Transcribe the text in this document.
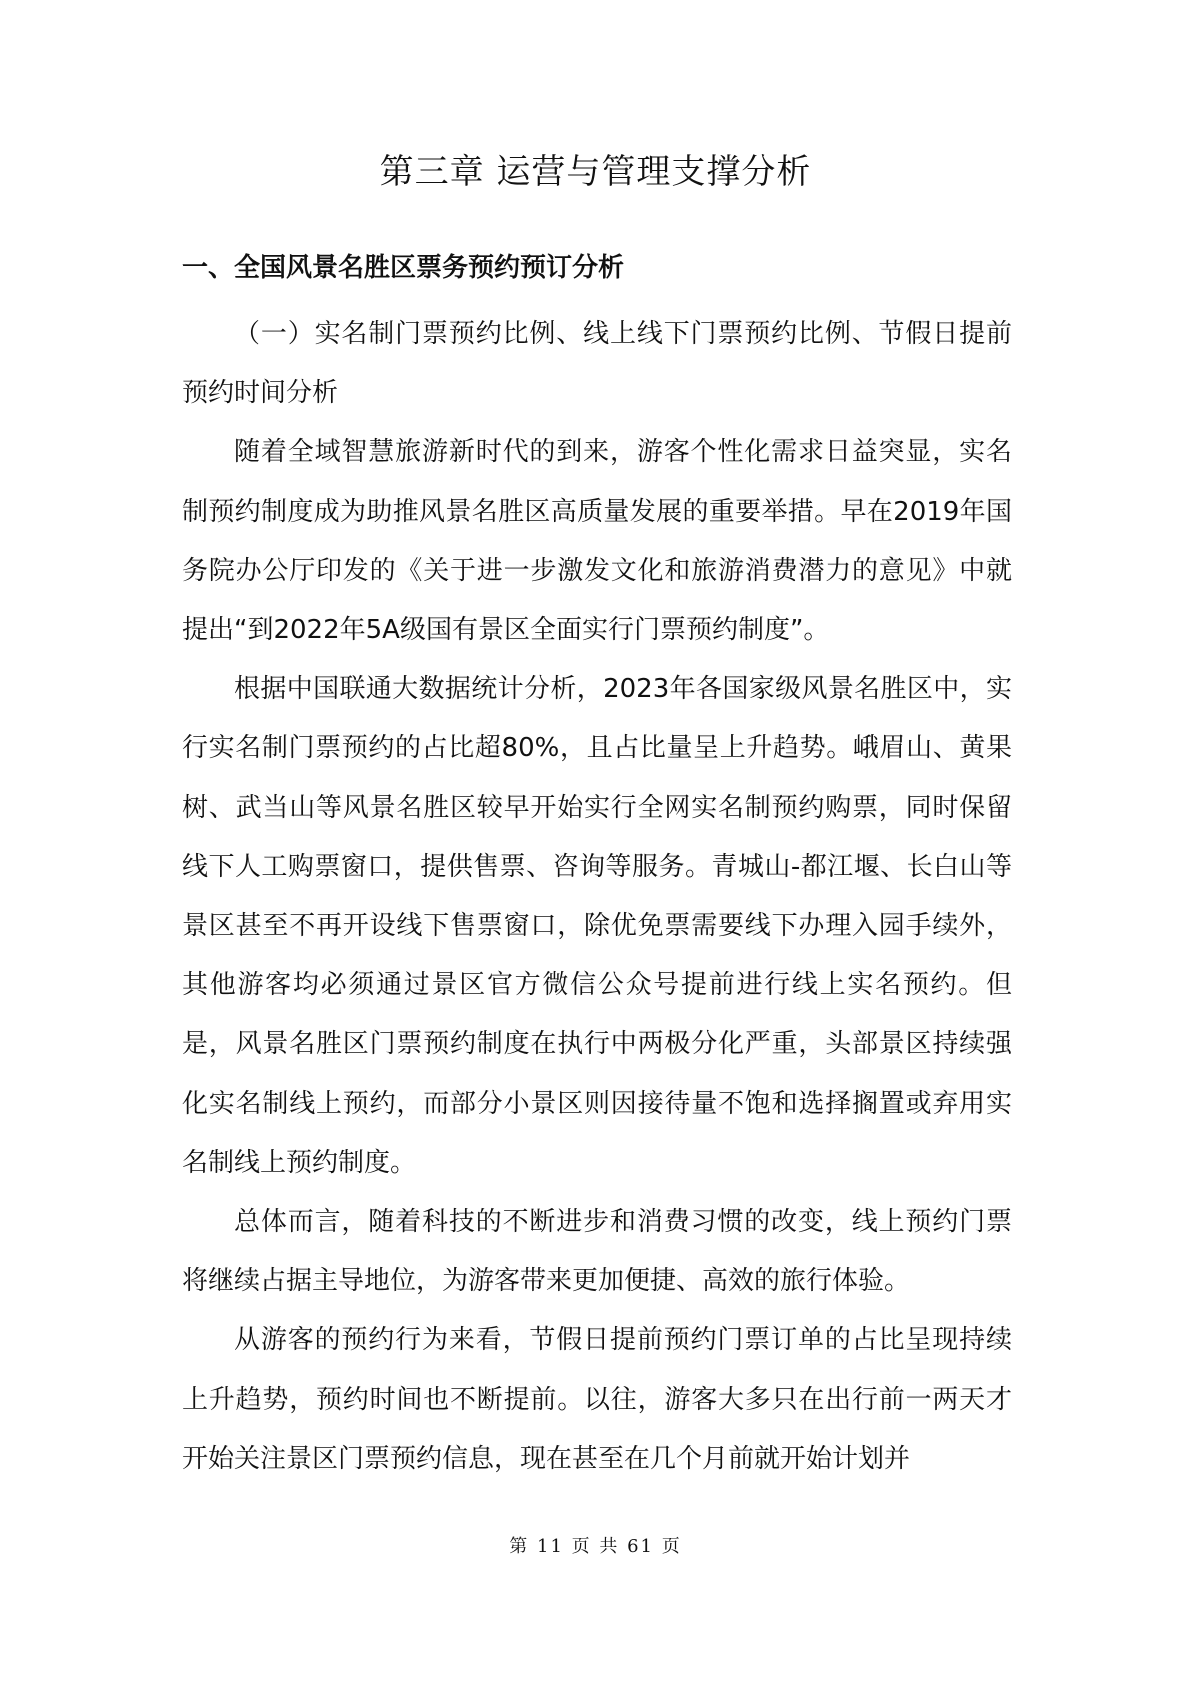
第三章 运营与管理支撑分析
一、全国风景名胜区票务预约预订分析

（一）实名制门票预约比例、线上线下门票预约比例、节假日提前预约时间分析

随着全域智慧旅游新时代的到来，游客个性化需求日益突显，实名制预约制度成为助推风景名胜区高质量发展的重要举措。早在2019年国务院办公厅印发的《关于进一步激发文化和旅游消费潜力的意见》中就提出“到2022年5A级国有景区全面实行门票预约制度”。

根据中国联通大数据统计分析，2023年各国家级风景名胜区中，实行实名制门票预约的占比超80%，且占比量呈上升趋势。峨眉山、黄果树、武当山等风景名胜区较早开始实行全网实名制预约购票，同时保留线下人工购票窗口，提供售票、咨询等服务。青城山-都江堰、长白山等景区甚至不再开设线下售票窗口，除优免票需要线下办理入园手续外，其他游客均必须通过景区官方微信公众号提前进行线上实名预约。但是，风景名胜区门票预约制度在执行中两极分化严重，头部景区持续强化实名制线上预约，而部分小景区则因接待量不饱和选择搁置或弃用实名制线上预约制度。

总体而言，随着科技的不断进步和消费习惯的改变，线上预约门票将继续占据主导地位，为游客带来更加便捷、高效的旅行体验。

从游客的预约行为来看，节假日提前预约门票订单的占比呈现持续上升趋势，预约时间也不断提前。以往，游客大多只在出行前一两天才开始关注景区门票预约信息，现在甚至在几个月前就开始计划并

第 11 页 共 61 页
